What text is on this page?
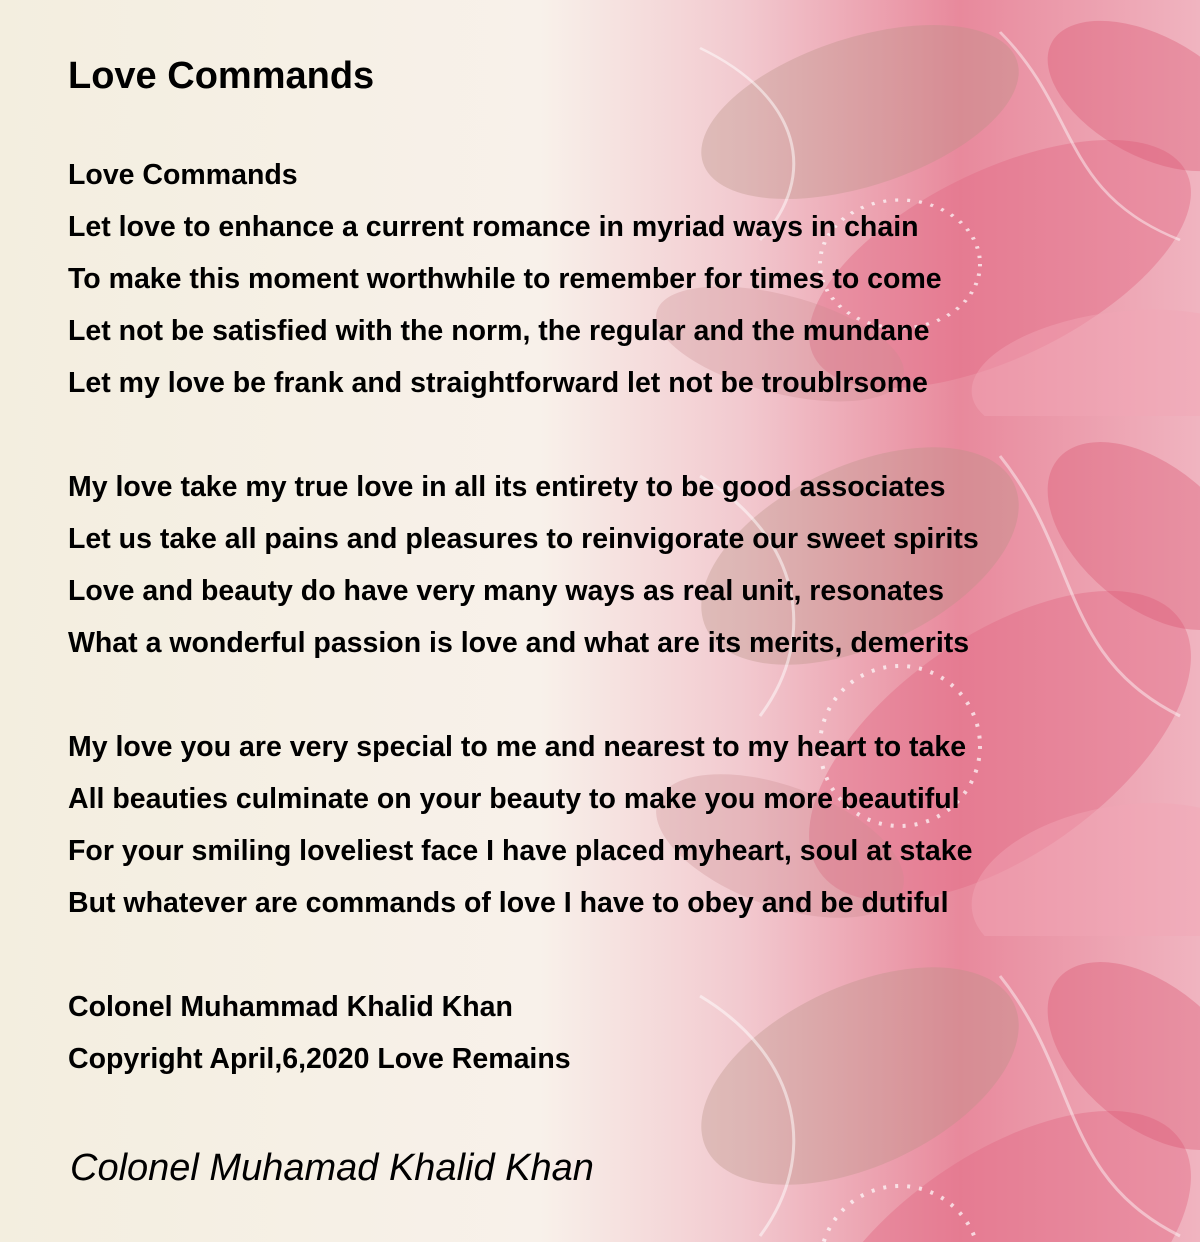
Love Commands
Love Commands
Let love to enhance a current romance in myriad ways in chain
To make this moment worthwhile to remember for times to come
Let not be satisfied with the norm, the regular and the mundane
Let my love be frank and straightforward let not be troublrsome
My love take my true love in all its entirety to be good associates
Let us take all pains and pleasures to reinvigorate our sweet spirits
Love and beauty do have very many ways as real unit, resonates
What a wonderful passion is love and what are its merits, demerits
My love you are very special to me and nearest to my heart to take
All beauties culminate on your beauty to make you more beautiful
For your smiling loveliest face I have placed myheart, soul at stake
But whatever are commands of love I have to obey and be dutiful
Colonel Muhammad Khalid Khan
Copyright April,6,2020 Love Remains
Colonel Muhamad Khalid Khan
